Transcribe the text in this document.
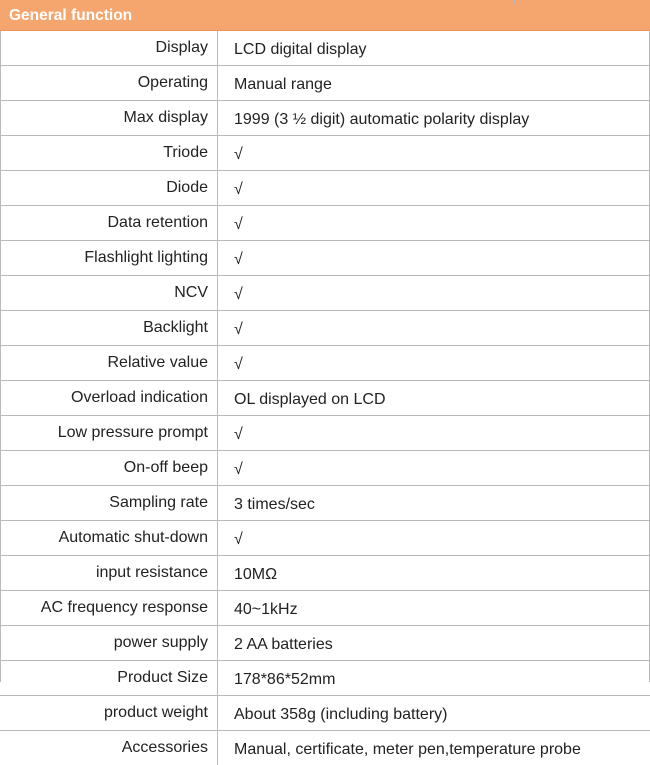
General function
Display	LCD digital display
Operating	Manual range
Max display	1999 (3 ½ digit) automatic polarity display
Triode	√
Diode	√
Data retention	√
Flashlight lighting	√
NCV	√
Backlight	√
Relative value	√
Overload indication	OL displayed on LCD
Low pressure prompt	√
On-off beep	√
Sampling rate	3 times/sec
Automatic shut-down	√
input resistance	10MΩ
AC frequency response	40~1kHz
power supply	2 AA batteries
Product Size	178*86*52mm
product weight	About 358g (including battery)
Accessories	Manual, certificate, meter pen,temperature probe
